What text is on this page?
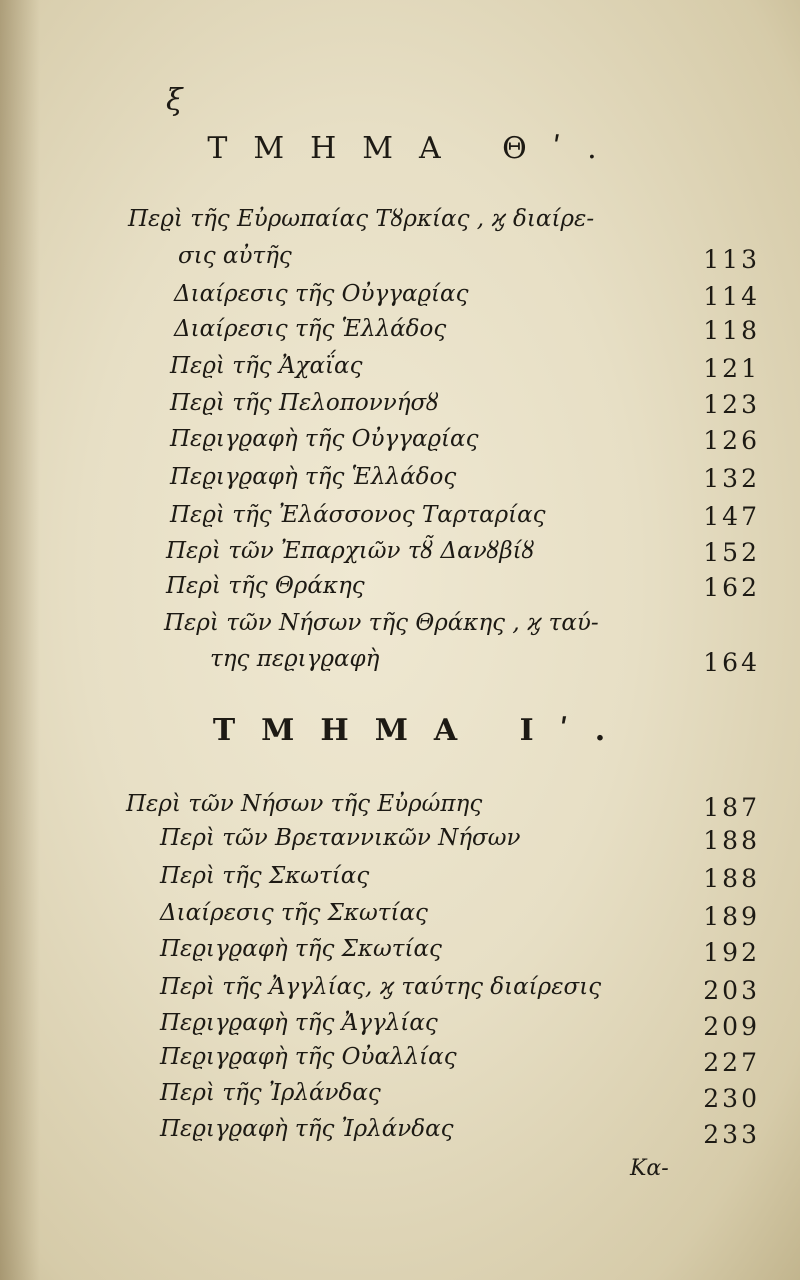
ξ
ΤΜΗΜΑ Θʹ.
Πεϱὶ τῆς Εὐρωπαίας Τȣρκίας , ϗ διαίρε-
σις αὐτῆς	113
Διαίρεσις τῆς Οὐγγαϱίας	114
Διαίρεσις τῆς Ἑλλάδος	118
Πεϱὶ τῆς Ἀχαΐας	121
Πεϱὶ τῆς Πελοποννήσȣ	123
Πεϱιγϱαφὴ τῆς Οὐγγαϱίας	126
Πεϱιγϱαφὴ τῆς Ἑλλάδος	132
Πεϱὶ τῆς Ἐλάσσονος Ταρταρίας	147
Περὶ τῶν Ἐπαρχιῶν τȣ̃ Δανȣβίȣ	152
Περὶ τῆς Θράκης	162
Περὶ τῶν Νήσων τῆς Θράκης , ϗ ταύ-
της πεϱιγϱαφὴ	164
ΤΜΗΜΑ Ιʹ.
Περὶ τῶν Νήσων τῆς Εὐρώπης	187
Περὶ τῶν Βρεταννικῶν Νήσων	188
Περὶ τῆς Σκωτίας	188
Διαίρεσις τῆς Σκωτίας	189
Πεϱιγϱαφὴ τῆς Σκωτίας	192
Περὶ τῆς Ἀγγλίας, ϗ ταύτης διαίρεσις	203
Πεϱιγϱαφὴ τῆς Ἀγγλίας	209
Πεϱιγϱαφὴ τῆς Οὐαλλίας	227
Περὶ τῆς Ἰρλάνδας	230
Πεϱιγϱαφὴ τῆς Ἰρλάνδας	233
Κα-
